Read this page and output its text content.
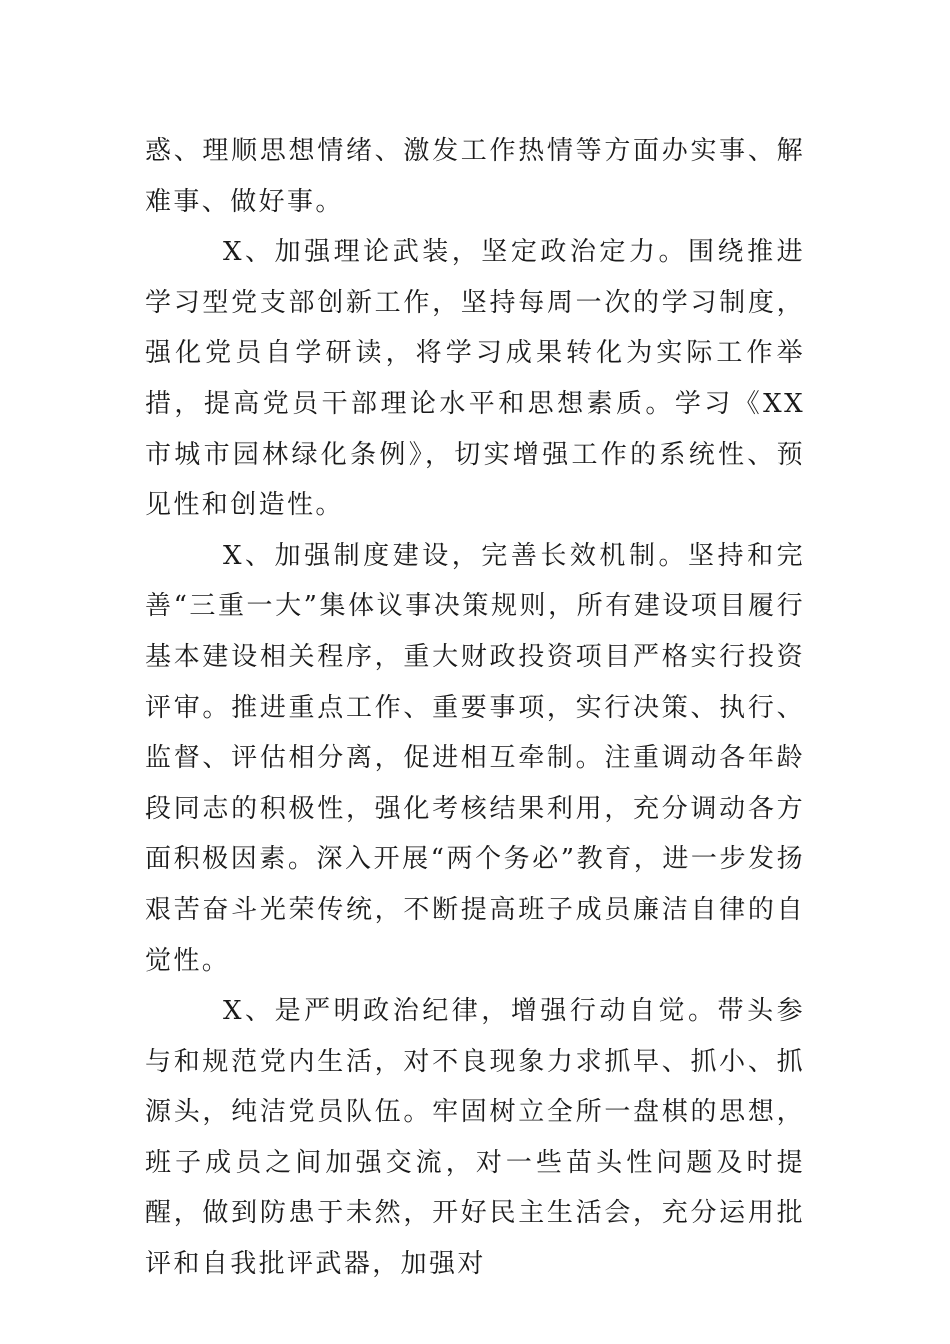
惑、理顺思想情绪、激发工作热情等方面办实事、解难事、做好事。

X、加强理论武装，坚定政治定力。围绕推进学习型党支部创新工作，坚持每周一次的学习制度，强化党员自学研读，将学习成果转化为实际工作举措，提高党员干部理论水平和思想素质。学习《XX市城市园林绿化条例》，切实增强工作的系统性、预见性和创造性。

X、加强制度建设，完善长效机制。坚持和完善“三重一大”集体议事决策规则，所有建设项目履行基本建设相关程序，重大财政投资项目严格实行投资评审。推进重点工作、重要事项，实行决策、执行、监督、评估相分离，促进相互牵制。注重调动各年龄段同志的积极性，强化考核结果利用，充分调动各方面积极因素。深入开展“两个务必”教育，进一步发扬艰苦奋斗光荣传统，不断提高班子成员廉洁自律的自觉性。

X、是严明政治纪律，增强行动自觉。带头参与和规范党内生活，对不良现象力求抓早、抓小、抓源头，纯洁党员队伍。牢固树立全所一盘棋的思想，班子成员之间加强交流，对一些苗头性问题及时提醒，做到防患于未然，开好民主生活会，充分运用批评和自我批评武器，加强对
